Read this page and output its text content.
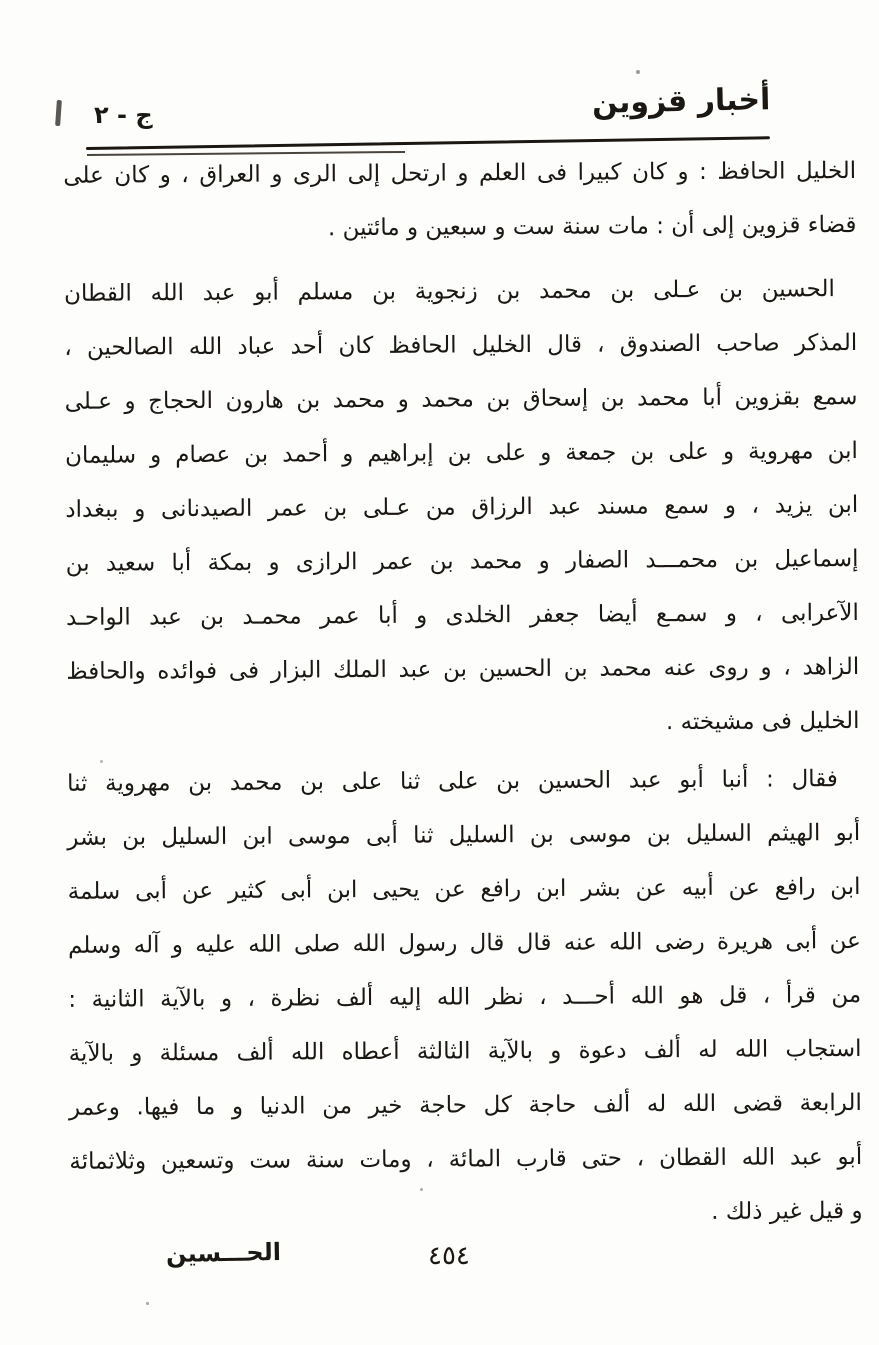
أخبار قزوين
ج - ٢
الخليل الحافظ : و كان كبيرا فى العلم و ارتحل إلى الرى و العراق ، و كان على
قضاء قزوين إلى أن : مات سنة ست و سبعين و مائتين .
الحسين بن عـلى بن محمد بن زنجوية بن مسلم أبو عبد الله القطان
المذكر صاحب الصندوق ، قال الخليل الحافظ كان أحد عباد الله الصالحين ،
سمع بقزوين أبا محمد بن إسحاق بن محمد و محمد بن هارون الحجاج و عـلى
ابن مهروية و على بن جمعة و على بن إبراهيم و أحمد بن عصام و سليمان
ابن يزيد ، و سمع مسند عبد الرزاق من عـلى بن عمر الصيدنانى و ببغداد
إسماعيل بن محمـــد الصفار و محمد بن عمر الرازى و بمكة أبا سعيد بن
الآعرابى ، و سمـع أيضا جعفر الخلدى و أبا عمر محمـد بن عبد الواحـد
الزاهد ، و روى عنه محمد بن الحسين بن عبد الملك البزار فى فوائده والحافظ
الخليل فى مشيخته .
فقال : أنبا أبو عبد الحسين بن على ثنا على بن محمد بن مهروية ثنا
أبو الهيثم السليل بن موسى بن السليل ثنا أبى موسى ابن السليل بن بشر
ابن رافع عن أبيه عن بشر ابن رافع عن يحيى ابن أبى كثير عن أبى سلمة
عن أبى هريرة رضى الله عنه قال قال رسول الله صلى الله عليه و آله وسلم
من قرأ ، قل هو الله أحـــد ، نظر الله إليه ألف نظرة ، و بالآية الثانية :
استجاب الله له ألف دعوة و بالآية الثالثة أعطاه الله ألف مسئلة و بالآية
الرابعة قضى الله له ألف حاجة كل حاجة خير من الدنيا و ما فيها. وعمر
أبو عبد الله القطان ، حتى قارب المائة ، ومات سنة ست وتسعين وثلاثمائة
و قيل غير ذلك .
٤٥٤
الحـــسين
